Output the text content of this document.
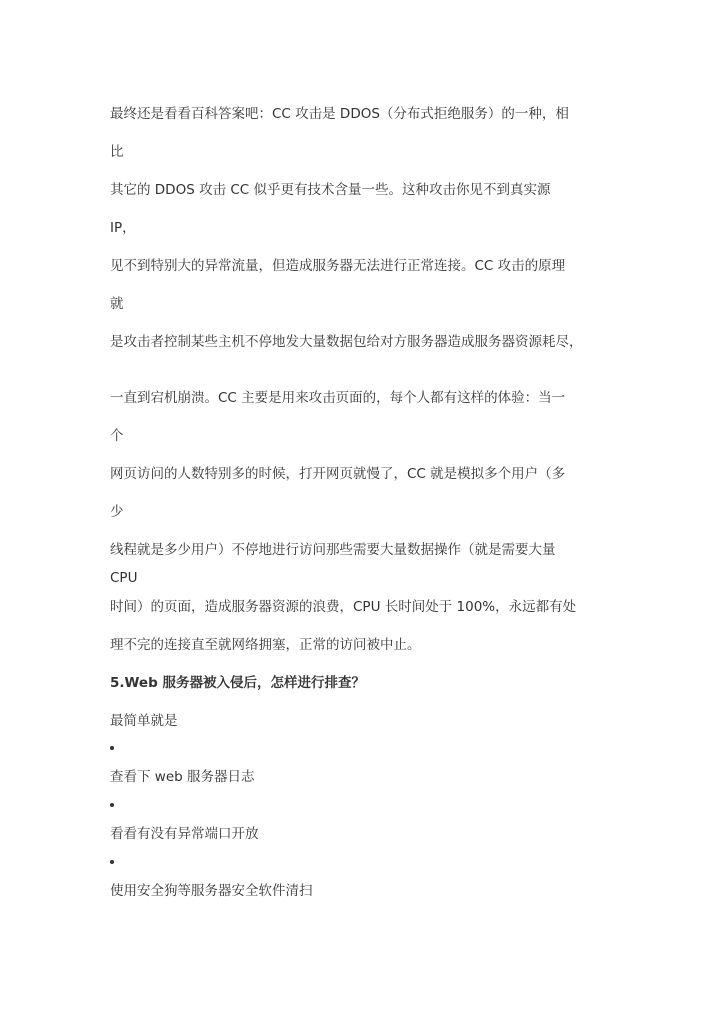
最终还是看看百科答案吧：CC 攻击是 DDOS（分布式拒绝服务）的一种，相
比
其它的 DDOS 攻击 CC 似乎更有技术含量一些。这种攻击你见不到真实源
IP，
见不到特别大的异常流量，但造成服务器无法进行正常连接。CC 攻击的原理
就
是攻击者控制某些主机不停地发大量数据包给对方服务器造成服务器资源耗尽，
一直到宕机崩溃。CC 主要是用来攻击页面的，每个人都有这样的体验：当一
个
网页访问的人数特别多的时候，打开网页就慢了，CC 就是模拟多个用户（多
少
线程就是多少用户）不停地进行访问那些需要大量数据操作（就是需要大量
CPU
时间）的页面，造成服务器资源的浪费，CPU 长时间处于 100%，永远都有处
理不完的连接直至就网络拥塞，正常的访问被中止。
5.Web 服务器被入侵后，怎样进行排查？
最简单就是
查看下 web 服务器日志
看看有没有异常端口开放
使用安全狗等服务器安全软件清扫
